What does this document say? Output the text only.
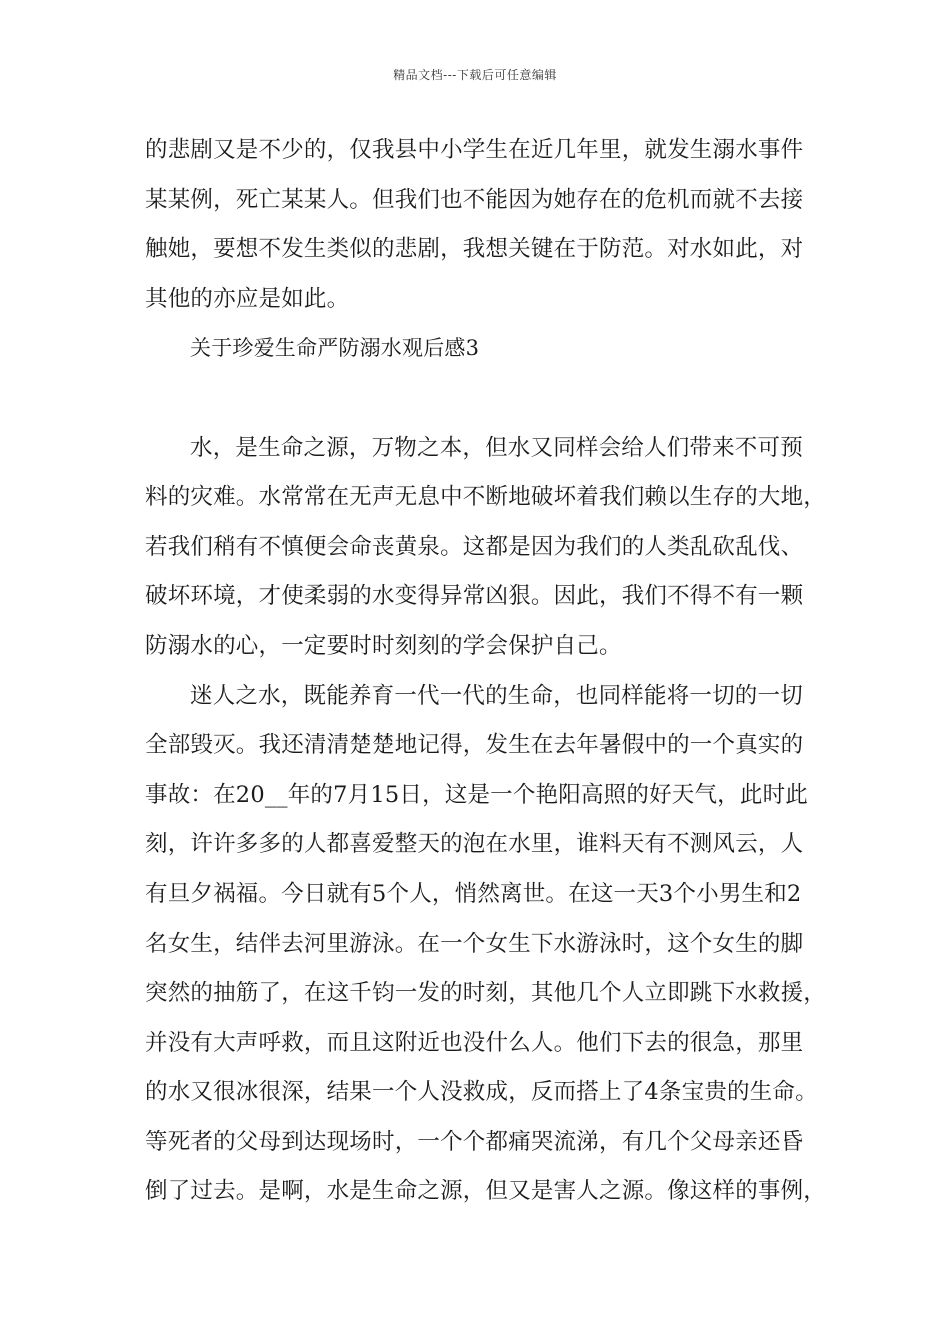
精品文档---下载后可任意编辑
的悲剧又是不少的，仅我县中小学生在近几年里，就发生溺水事件
某某例，死亡某某人。但我们也不能因为她存在的危机而就不去接
触她，要想不发生类似的悲剧，我想关键在于防范。对水如此，对
其他的亦应是如此。
关于珍爱生命严防溺水观后感3
水，是生命之源，万物之本，但水又同样会给人们带来不可预
料的灾难。水常常在无声无息中不断地破坏着我们赖以生存的大地，
若我们稍有不慎便会命丧黄泉。这都是因为我们的人类乱砍乱伐、
破坏环境，才使柔弱的水变得异常凶狠。因此，我们不得不有一颗
防溺水的心，一定要时时刻刻的学会保护自己。
迷人之水，既能养育一代一代的生命，也同样能将一切的一切
全部毁灭。我还清清楚楚地记得，发生在去年暑假中的一个真实的
事故：在20__年的7月15日，这是一个艳阳高照的好天气，此时此
刻，许许多多的人都喜爱整天的泡在水里，谁料天有不测风云，人
有旦夕祸福。今日就有5个人，悄然离世。在这一天3个小男生和2
名女生，结伴去河里游泳。在一个女生下水游泳时，这个女生的脚
突然的抽筋了，在这千钧一发的时刻，其他几个人立即跳下水救援，
并没有大声呼救，而且这附近也没什么人。他们下去的很急，那里
的水又很冰很深，结果一个人没救成，反而搭上了4条宝贵的生命。
等死者的父母到达现场时，一个个都痛哭流涕，有几个父母亲还昏
倒了过去。是啊，水是生命之源，但又是害人之源。像这样的事例，
